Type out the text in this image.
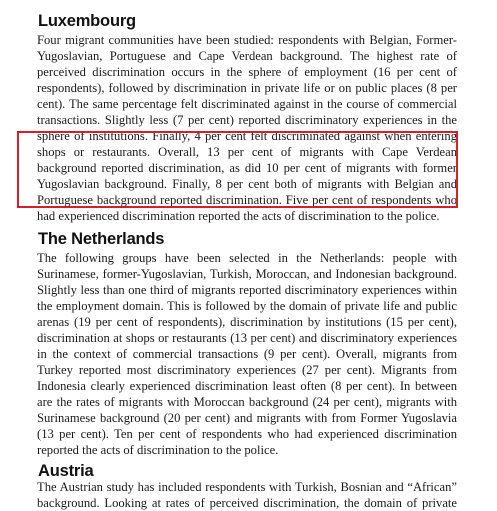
Luxembourg
Four migrant communities have been studied: respondents with Belgian, Former-
Yugoslavian, Portuguese and Cape Verdean background. The highest rate of
perceived discrimination occurs in the sphere of employment (16 per cent of
respondents), followed by discrimination in private life or on public places (8 per
cent). The same percentage felt discriminated against in the course of commercial
transactions. Slightly less (7 per cent) reported discriminatory experiences in the
sphere of institutions. Finally, 4 per cent felt discriminated against when entering
shops or restaurants. Overall, 13 per cent of migrants with Cape Verdean
background reported discrimination, as did 10 per cent of migrants with former
Yugoslavian background. Finally, 8 per cent both of migrants with Belgian and
Portuguese background reported discrimination. Five per cent of respondents who
had experienced discrimination reported the acts of discrimination to the police.
The Netherlands
The following groups have been selected in the Netherlands: people with
Surinamese, former-Yugoslavian, Turkish, Moroccan, and Indonesian background.
Slightly less than one third of migrants reported discriminatory experiences within
the employment domain. This is followed by the domain of private life and public
arenas (19 per cent of respondents), discrimination by institutions (15 per cent),
discrimination at shops or restaurants (13 per cent) and discriminatory experiences
in the context of commercial transactions (9 per cent). Overall, migrants from
Turkey reported most discriminatory experiences (27 per cent). Migrants from
Indonesia clearly experienced discrimination least often (8 per cent). In between
are the rates of migrants with Moroccan background (24 per cent), migrants with
Surinamese background (20 per cent) and migrants with from Former Yugoslavia
(13 per cent). Ten per cent of respondents who had experienced discrimination
reported the acts of discrimination to the police.
Austria
The Austrian study has included respondents with Turkish, Bosnian and “African”
background. Looking at rates of perceived discrimination, the domain of private
